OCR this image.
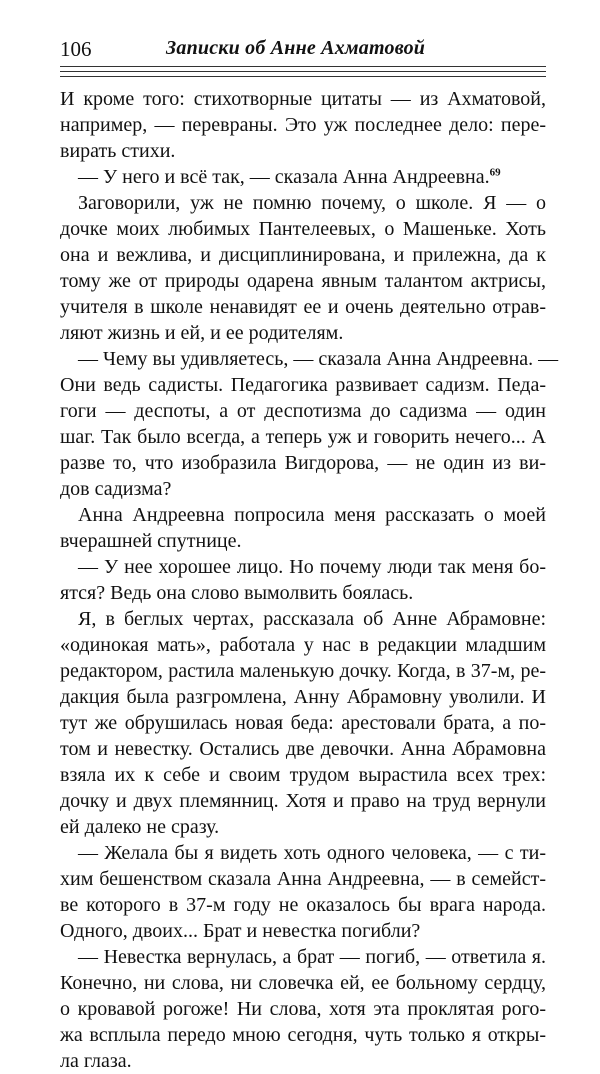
106	Записки об Анне Ахматовой
И кроме того: стихотворные цитаты — из Ахматовой,
например, — перевраны. Это уж последнее дело: пере-
вирать стихи.
— У него и всё так, — сказала Анна Андреевна.$^{69}$
Заговорили, уж не помню почему, о школе. Я — о
дочке моих любимых Пантелеевых, о Машеньке. Хоть
она и вежлива, и дисциплинирована, и прилежна, да к
тому же от природы одарена явным талантом актрисы,
учителя в школе ненавидят ее и очень деятельно отрав-
ляют жизнь и ей, и ее родителям.
— Чему вы удивляетесь, — сказала Анна Андреевна. —
Они ведь садисты. Педагогика развивает садизм. Педа-
гоги — деспоты, а от деспотизма до садизма — один
шаг. Так было всегда, а теперь уж и говорить нечего... А
разве то, что изобразила Вигдорова, — не один из ви-
дов садизма?
Анна Андреевна попросила меня рассказать о моей
вчерашней спутнице.
— У нее хорошее лицо. Но почему люди так меня бо-
ятся? Ведь она слово вымолвить боялась.
Я, в беглых чертах, рассказала об Анне Абрамовне:
«одинокая мать», работала у нас в редакции младшим
редактором, растила маленькую дочку. Когда, в 37-м, ре-
дакция была разгромлена, Анну Абрамовну уволили. И
тут же обрушилась новая беда: арестовали брата, а по-
том и невестку. Остались две девочки. Анна Абрамовна
взяла их к себе и своим трудом вырастила всех трех:
дочку и двух племянниц. Хотя и право на труд вернули
ей далеко не сразу.
— Желала бы я видеть хоть одного человека, — с ти-
хим бешенством сказала Анна Андреевна, — в семейст-
ве которого в 37-м году не оказалось бы врага народа.
Одного, двоих... Брат и невестка погибли?
— Невестка вернулась, а брат — погиб, — ответила я.
Конечно, ни слова, ни словечка ей, ее больному сердцу,
о кровавой рогоже! Ни слова, хотя эта проклятая рого-
жа всплыла передо мною сегодня, чуть только я откры-
ла глаза.
